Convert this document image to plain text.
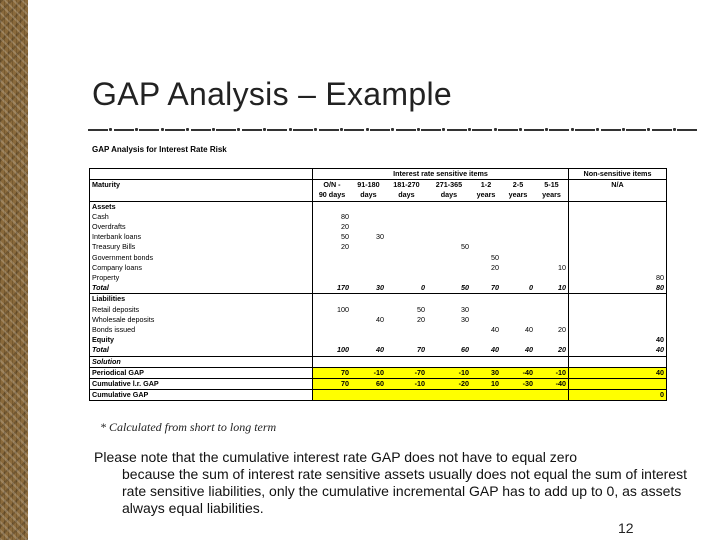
GAP Analysis – Example
GAP Analysis for Interest Rate Risk
	Interest rate sensitive items							Non-sensitive items
Maturity	O/N -	91-180	181-270	271-365	1-2	2-5	5-15	N/A
	90 days	days	days	days	years	years	years	
Assets								
Cash	80							
Overdrafts	20							
Interbank loans	50	30						
Treasury Bills	20			50				
Government bonds					50			
Company loans					20		10	
Property								80
Total	170	30	0	50	70	0	10	80
Liabilities								
Retail deposits	100		50	30				
Wholesale deposits		40	20	30				
Bonds issued					40	40	20	
Equity								40
Total	100	40	70	60	40	40	20	40
Solution								
Periodical GAP	70	-10	-70	-10	30	-40	-10	40
Cumulative l.r. GAP	70	60	-10	-20	10	-30	-40	
Cumulative GAP								0
* Calculated from short to long term
Please note that the cumulative interest rate GAP does not have to equal zero
because the sum of interest rate sensitive assets usually does not equal the sum of interest rate sensitive liabilities, only the cumulative incremental GAP has to add up to 0, as assets always equal liabilities.
12
